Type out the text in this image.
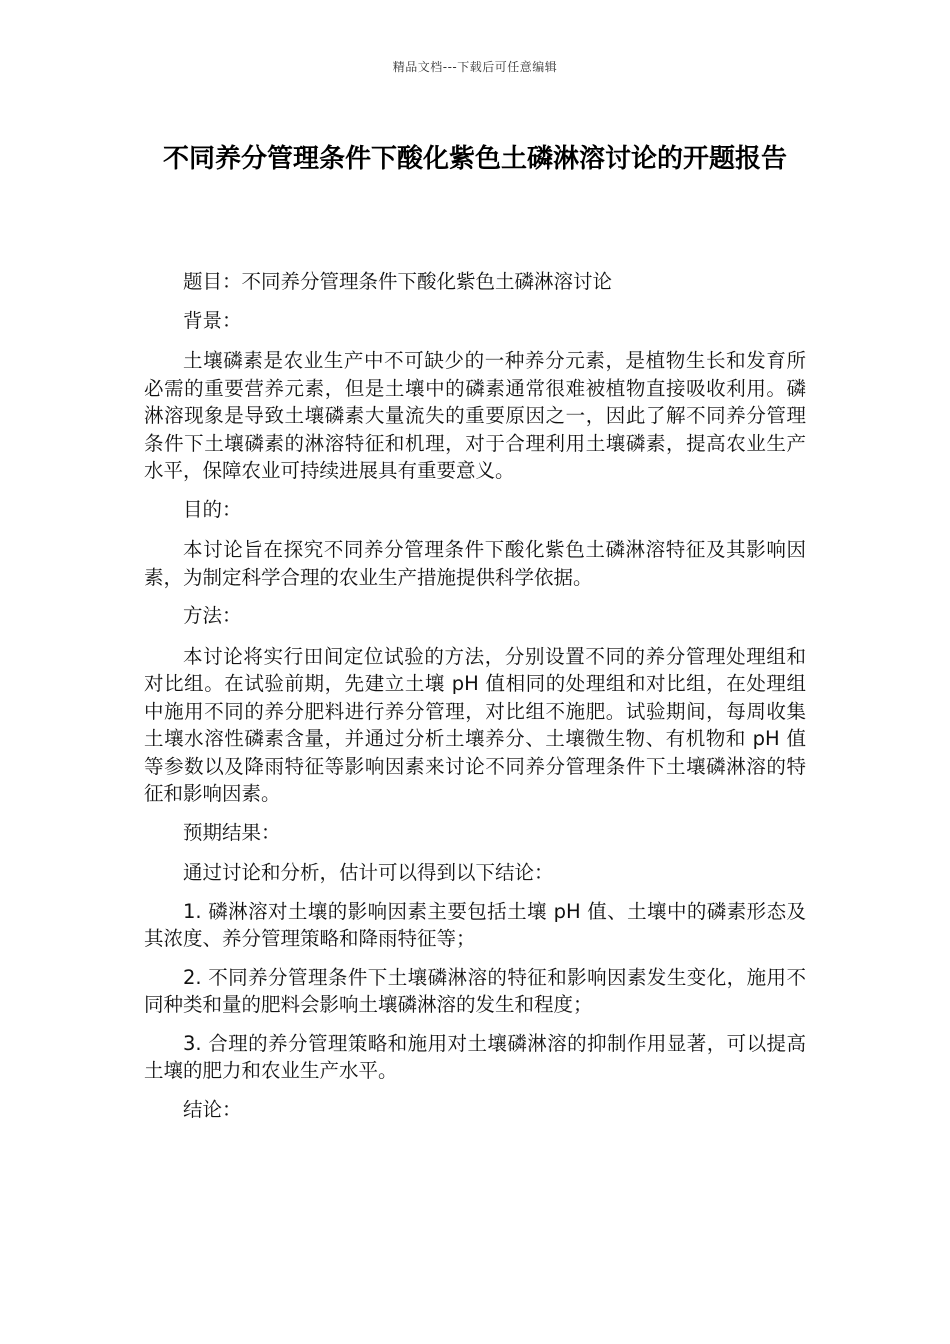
精品文档---下载后可任意编辑
不同养分管理条件下酸化紫色土磷淋溶讨论的开题报告

题目：不同养分管理条件下酸化紫色土磷淋溶讨论

背景：

土壤磷素是农业生产中不可缺少的一种养分元素，是植物生长和发育所必需的重要营养元素，但是土壤中的磷素通常很难被植物直接吸收利用。磷淋溶现象是导致土壤磷素大量流失的重要原因之一，因此了解不同养分管理条件下土壤磷素的淋溶特征和机理，对于合理利用土壤磷素，提高农业生产水平，保障农业可持续进展具有重要意义。

目的：

本讨论旨在探究不同养分管理条件下酸化紫色土磷淋溶特征及其影响因素，为制定科学合理的农业生产措施提供科学依据。

方法：

本讨论将实行田间定位试验的方法，分别设置不同的养分管理处理组和对比组。在试验前期，先建立土壤 pH 值相同的处理组和对比组，在处理组中施用不同的养分肥料进行养分管理，对比组不施肥。试验期间，每周收集土壤水溶性磷素含量，并通过分析土壤养分、土壤微生物、有机物和 pH 值等参数以及降雨特征等影响因素来讨论不同养分管理条件下土壤磷淋溶的特征和影响因素。

预期结果：

通过讨论和分析，估计可以得到以下结论：

1. 磷淋溶对土壤的影响因素主要包括土壤 pH 值、土壤中的磷素形态及其浓度、养分管理策略和降雨特征等；

2. 不同养分管理条件下土壤磷淋溶的特征和影响因素发生变化，施用不同种类和量的肥料会影响土壤磷淋溶的发生和程度；

3. 合理的养分管理策略和施用对土壤磷淋溶的抑制作用显著，可以提高土壤的肥力和农业生产水平。

结论：
